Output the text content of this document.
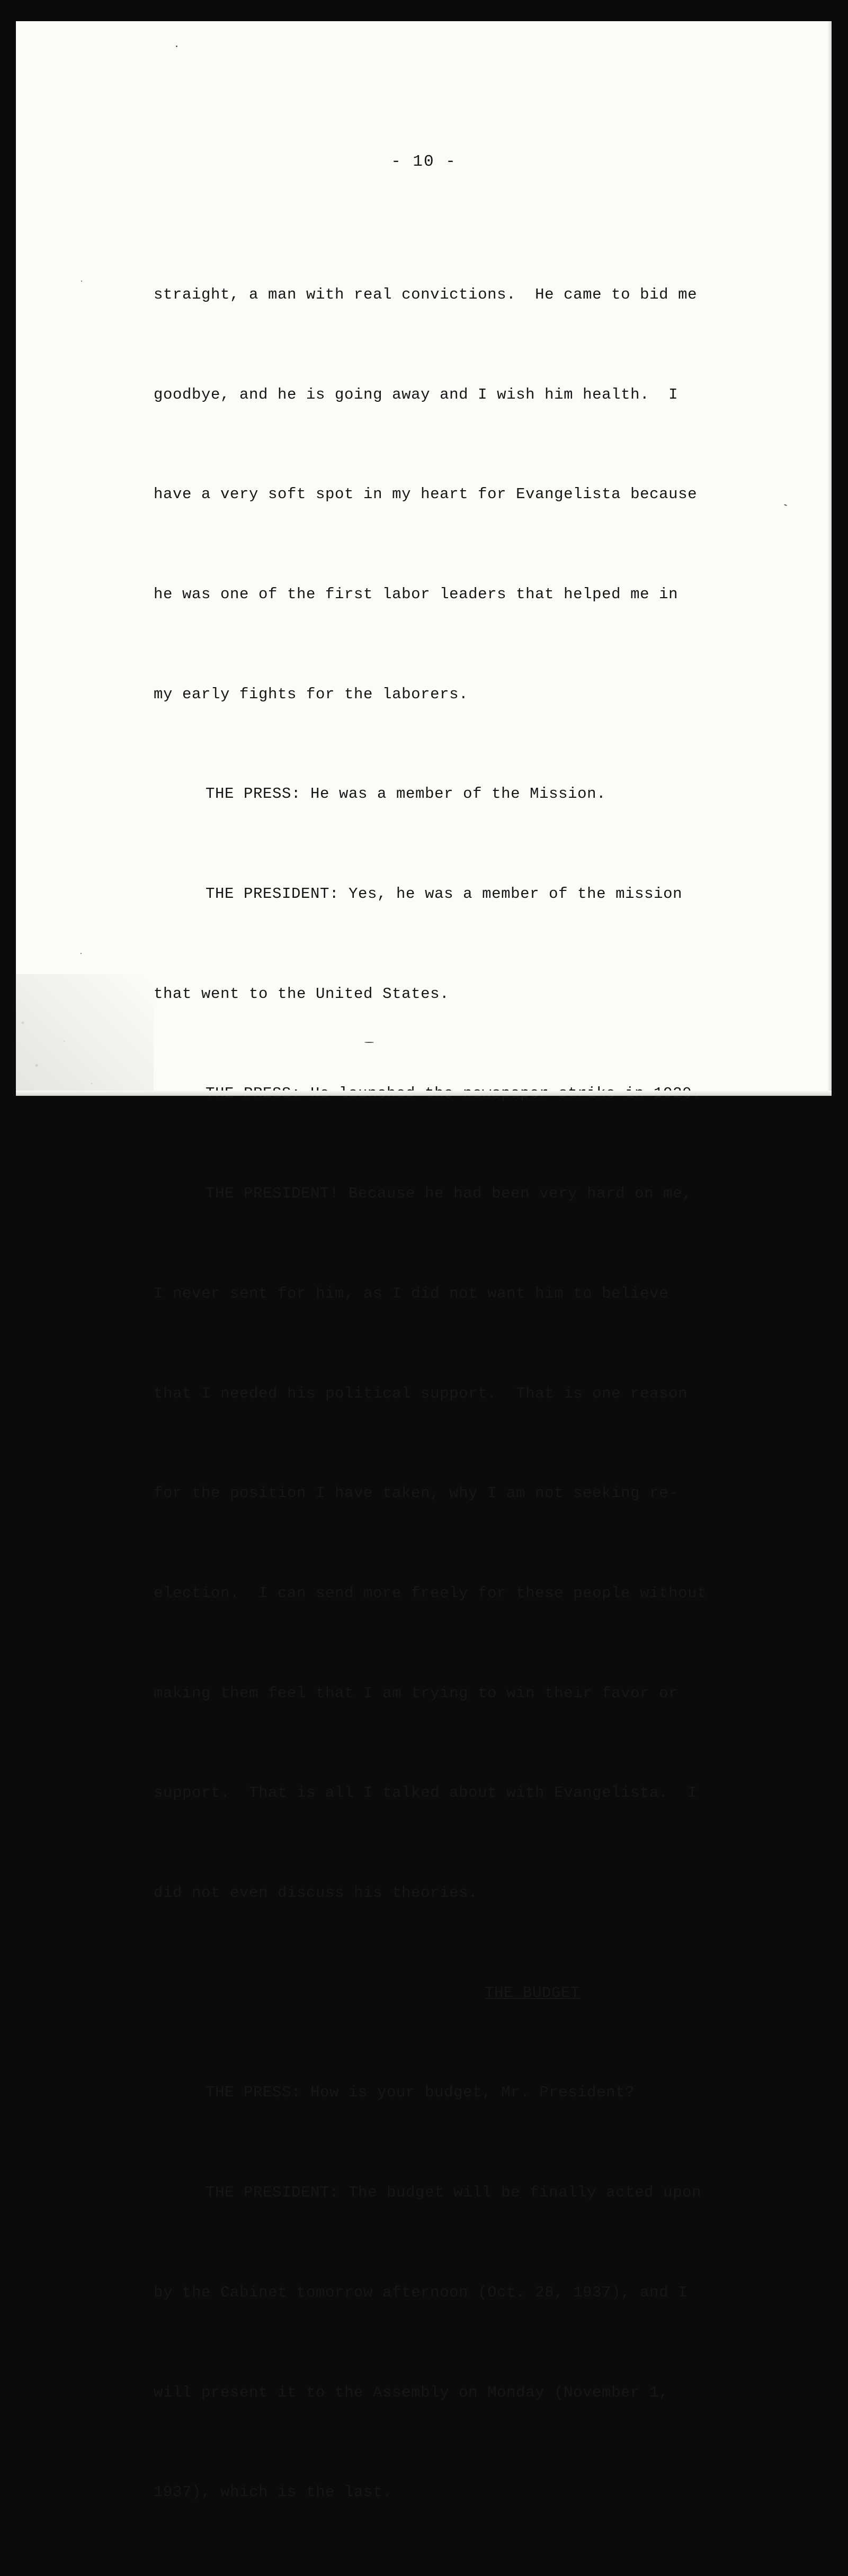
- 10 -

straight, a man with real convictions.  He came to bid me

goodbye, and he is going away and I wish him health.  I

have a very soft spot in my heart for Evangelista because

he was one of the first labor leaders that helped me in

my early fights for the laborers.

THE PRESS: He was a member of the Mission.

THE PRESIDENT: Yes, he was a member of the mission

that went to the United States.

THE PRESIDENT! Because he had been very hard on me,

I never sent for him, as I did not want him to believe

that I needed his political support.  That is one reason

for the position I have taken, why I am not seeking re-

election.  I can send more freely for these people without

making them feel that I am trying to win their favor or

support.  That is all I talked about with Evangelista.  I

did not even discuss his theories.

THE BUDGET

THE PRESS: How is your budget, Mr. President?

THE PRESIDENT: The budget will be finally acted upon

by the Cabinet tomorrow afternoon (Oct. 28, 1937), and I

will present it to the Assembly on Monday (November 1,

1937), which is the last.
